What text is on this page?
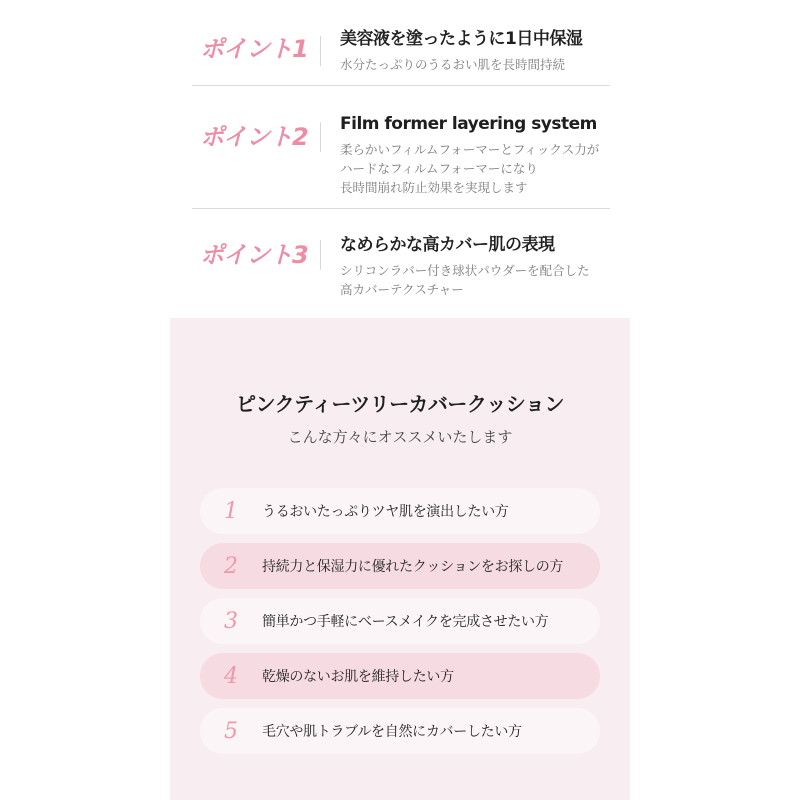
ポイント1	美容液を塗ったように1日中保湿
水分たっぷりのうるおい肌を長時間持続
ポイント2	Film former layering system
柔らかいフィルムフォーマーとフィックス力が
ハードなフィルムフォーマーになり
長時間崩れ防止効果を実現します
ポイント3	なめらかな高カバー肌の表現
シリコンラバー付き球状パウダーを配合した
高カバーテクスチャー
ピンクティーツリーカバークッション
こんな方々にオススメいたします
1	うるおいたっぷりツヤ肌を演出したい方
2	持続力と保湿力に優れたクッションをお探しの方
3	簡単かつ手軽にベースメイクを完成させたい方
4	乾燥のないお肌を維持したい方
5	毛穴や肌トラブルを自然にカバーしたい方
